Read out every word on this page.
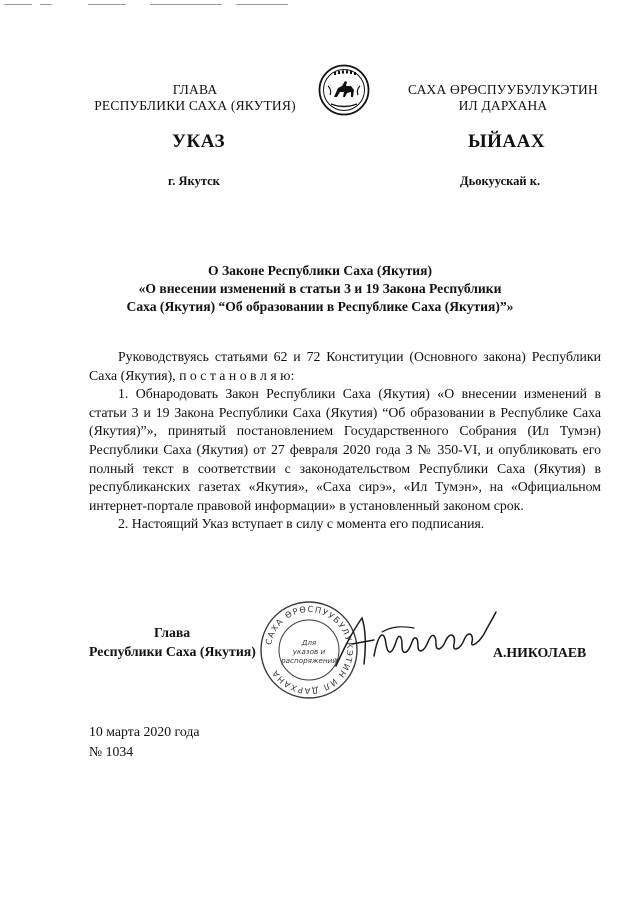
ГЛАВА
РЕСПУБЛИКИ САХА (ЯКУТИЯ)
САХА ӨРӨСПУУБУЛУКЭТИН
ИЛ ДАРХАНА
УКАЗ	ЫЙААХ
г. Якутск	Дьокуускай к.
О Законе Республики Саха (Якутия)
«О внесении изменений в статьи 3 и 19 Закона Республики
Саха (Якутия) “Об образовании в Республике Саха (Якутия)”»

Руководствуясь статьями 62 и 72 Конституции (Основного закона) Республики Саха (Якутия), п о с т а н о в л я ю:

1. Обнародовать Закон Республики Саха (Якутия) «О внесении изменений в статьи 3 и 19 Закона Республики Саха (Якутия) “Об образовании в Республике Саха (Якутия)”», принятый постановлением Государственного Собрания (Ил Тумэн) Республики Саха (Якутия) от 27 февраля 2020 года З № 350-VI, и опубликовать его полный текст в соответствии с законодательством Республики Саха (Якутия) в республиканских газетах «Якутия», «Саха сирэ», «Ил Тумэн», на «Официальном интернет-портале правовой информации» в установленный законом срок.

2. Настоящий Указ вступает в силу с момента его подписания.

Глава
Республики Саха (Якутия)
САХА ӨРӨСПУУБУЛУКЭТИН ИЛ ДАРХАНА
Для
указов и
распоряжений
А.НИКОЛАЕВ
10 марта 2020 года
№ 1034
